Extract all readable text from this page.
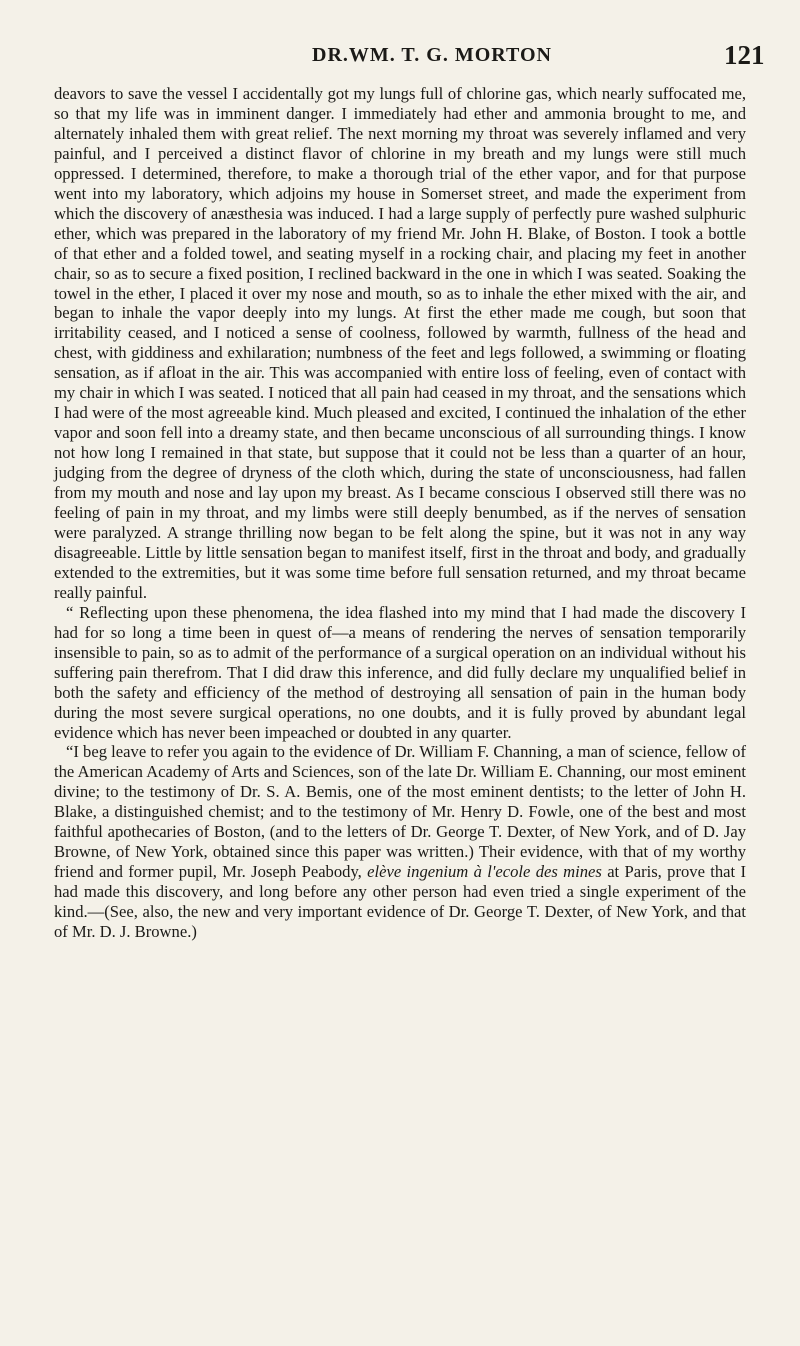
DR.WM. T. G. MORTON	121

deavors to save the vessel I accidentally got my lungs full of chlorine gas, which nearly suffocated me, so that my life was in imminent danger. I immediately had ether and ammonia brought to me, and alternately inhaled them with great relief. The next morning my throat was severely inflamed and very painful, and I perceived a distinct flavor of chlorine in my breath and my lungs were still much oppressed. I determined, therefore, to make a thorough trial of the ether vapor, and for that purpose went into my laboratory, which adjoins my house in Somerset street, and made the experiment from which the discovery of anæsthesia was induced. I had a large supply of perfectly pure washed sulphuric ether, which was prepared in the laboratory of my friend Mr. John H. Blake, of Boston. I took a bottle of that ether and a folded towel, and seating myself in a rocking chair, and placing my feet in another chair, so as to secure a fixed position, I reclined backward in the one in which I was seated. Soaking the towel in the ether, I placed it over my nose and mouth, so as to inhale the ether mixed with the air, and began to inhale the vapor deeply into my lungs. At first the ether made me cough, but soon that irritability ceased, and I noticed a sense of coolness, followed by warmth, fullness of the head and chest, with giddiness and exhilaration; numbness of the feet and legs followed, a swimming or floating sensation, as if afloat in the air. This was accompanied with entire loss of feeling, even of contact with my chair in which I was seated. I noticed that all pain had ceased in my throat, and the sensations which I had were of the most agreeable kind. Much pleased and excited, I continued the inhalation of the ether vapor and soon fell into a dreamy state, and then became unconscious of all surrounding things. I know not how long I remained in that state, but suppose that it could not be less than a quarter of an hour, judging from the degree of dryness of the cloth which, during the state of unconsciousness, had fallen from my mouth and nose and lay upon my breast. As I became conscious I observed still there was no feeling of pain in my throat, and my limbs were still deeply benumbed, as if the nerves of sensation were paralyzed. A strange thrilling now began to be felt along the spine, but it was not in any way disagreeable. Little by little sensation began to manifest itself, first in the throat and body, and gradually extended to the extremities, but it was some time before full sensation returned, and my throat became really painful.

“ Reflecting upon these phenomena, the idea flashed into my mind that I had made the discovery I had for so long a time been in quest of—a means of rendering the nerves of sensation temporarily insensible to pain, so as to admit of the performance of a surgical operation on an individual without his suffering pain therefrom. That I did draw this inference, and did fully declare my unqualified belief in both the safety and efficiency of the method of destroying all sensation of pain in the human body during the most severe surgical operations, no one doubts, and it is fully proved by abundant legal evidence which has never been impeached or doubted in any quarter.

“I beg leave to refer you again to the evidence of Dr. William F. Channing, a man of science, fellow of the American Academy of Arts and Sciences, son of the late Dr. William E. Channing, our most eminent divine; to the testimony of Dr. S. A. Bemis, one of the most eminent dentists; to the letter of John H. Blake, a distinguished chemist; and to the testimony of Mr. Henry D. Fowle, one of the best and most faithful apothecaries of Boston, (and to the letters of Dr. George T. Dexter, of New York, and of D. Jay Browne, of New York, obtained since this paper was written.) Their evidence, with that of my worthy friend and former pupil, Mr. Joseph Peabody, elève ingenium à l'ecole des mines at Paris, prove that I had made this discovery, and long before any other person had even tried a single experiment of the kind.—(See, also, the new and very important evidence of Dr. George T. Dexter, of New York, and that of Mr. D. J. Browne.)
